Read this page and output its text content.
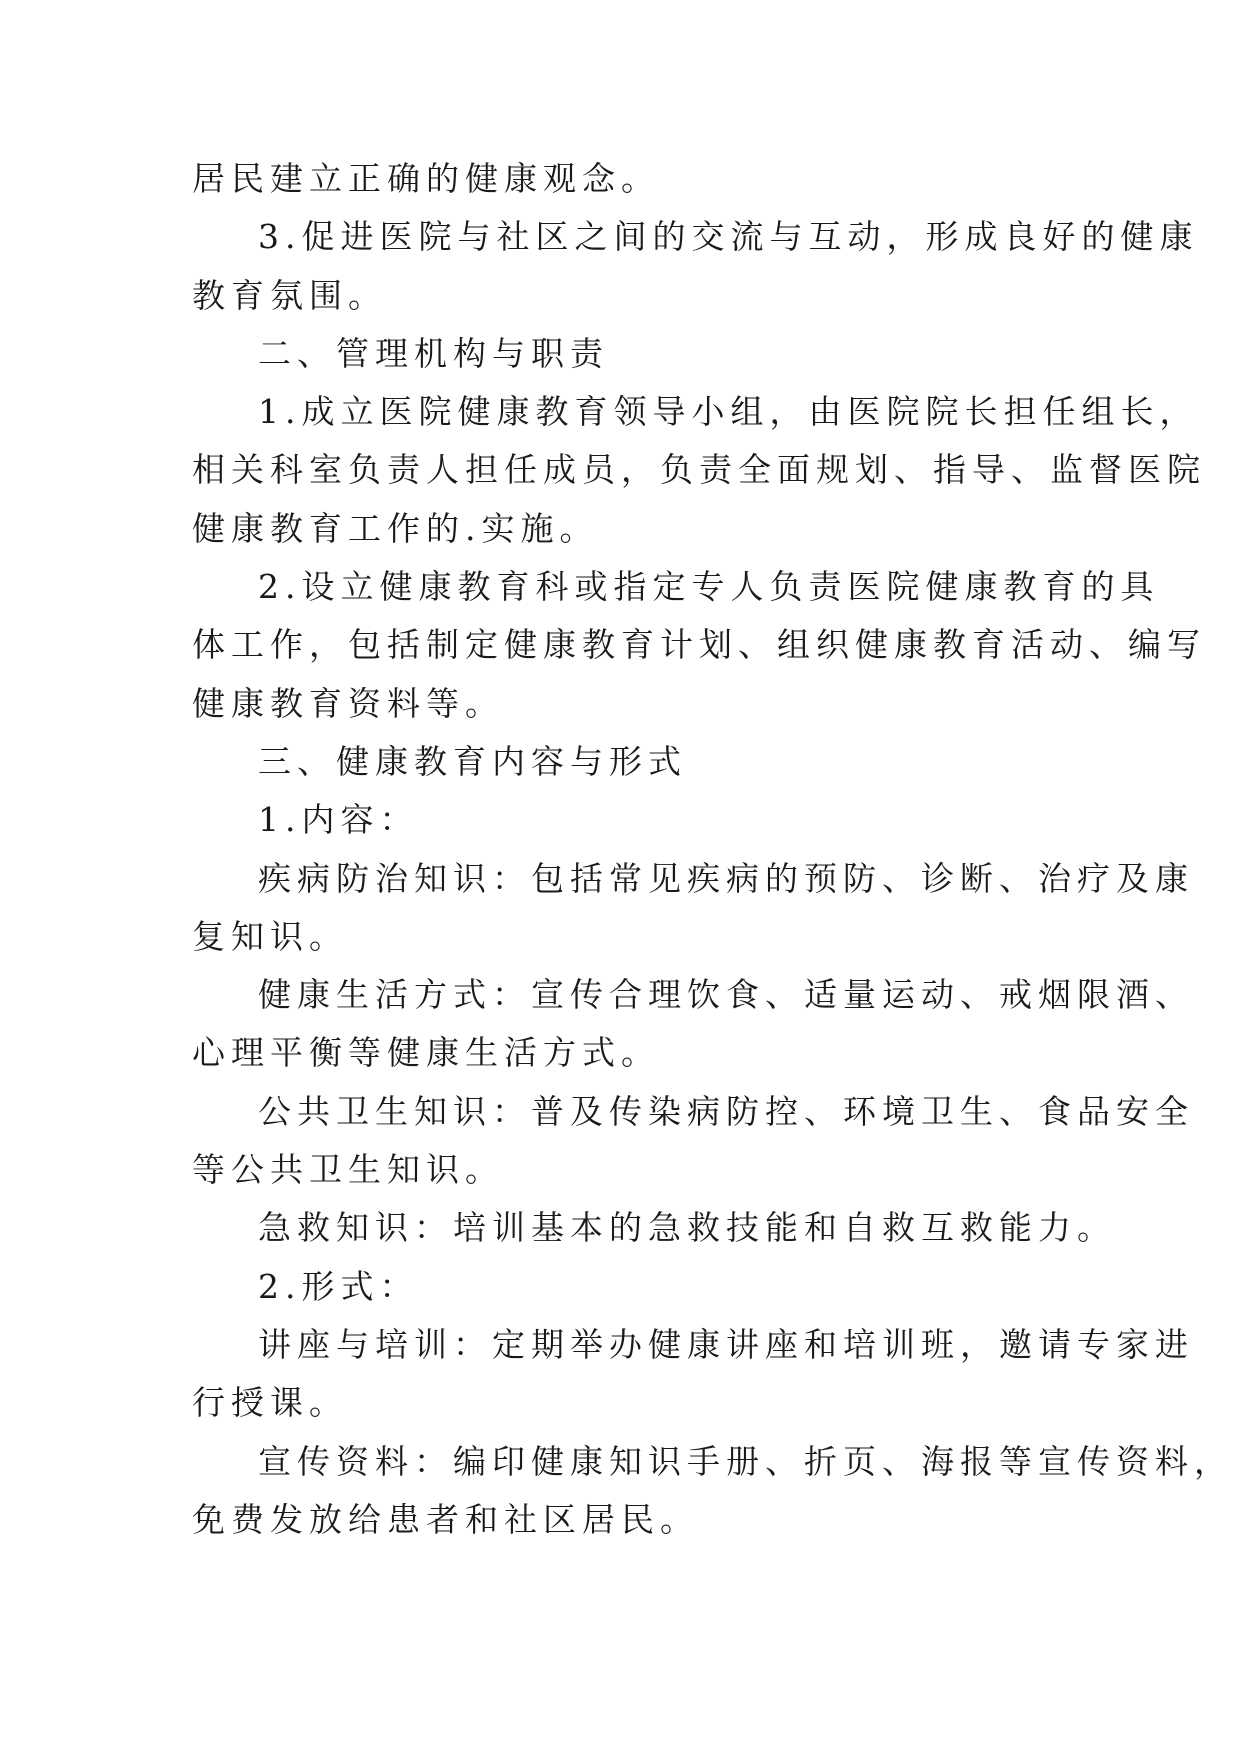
居民建立正确的健康观念。
3.促进医院与社区之间的交流与互动，形成良好的健康
教育氛围。
二、管理机构与职责
1.成立医院健康教育领导小组，由医院院长担任组长，
相关科室负责人担任成员，负责全面规划、指导、监督医院
健康教育工作的.实施。
2.设立健康教育科或指定专人负责医院健康教育的具
体工作，包括制定健康教育计划、组织健康教育活动、编写
健康教育资料等。
三、健康教育内容与形式
1.内容：
疾病防治知识：包括常见疾病的预防、诊断、治疗及康
复知识。
健康生活方式：宣传合理饮食、适量运动、戒烟限酒、
心理平衡等健康生活方式。
公共卫生知识：普及传染病防控、环境卫生、食品安全
等公共卫生知识。
急救知识：培训基本的急救技能和自救互救能力。
2.形式：
讲座与培训：定期举办健康讲座和培训班，邀请专家进
行授课。
宣传资料：编印健康知识手册、折页、海报等宣传资料，
免费发放给患者和社区居民。
